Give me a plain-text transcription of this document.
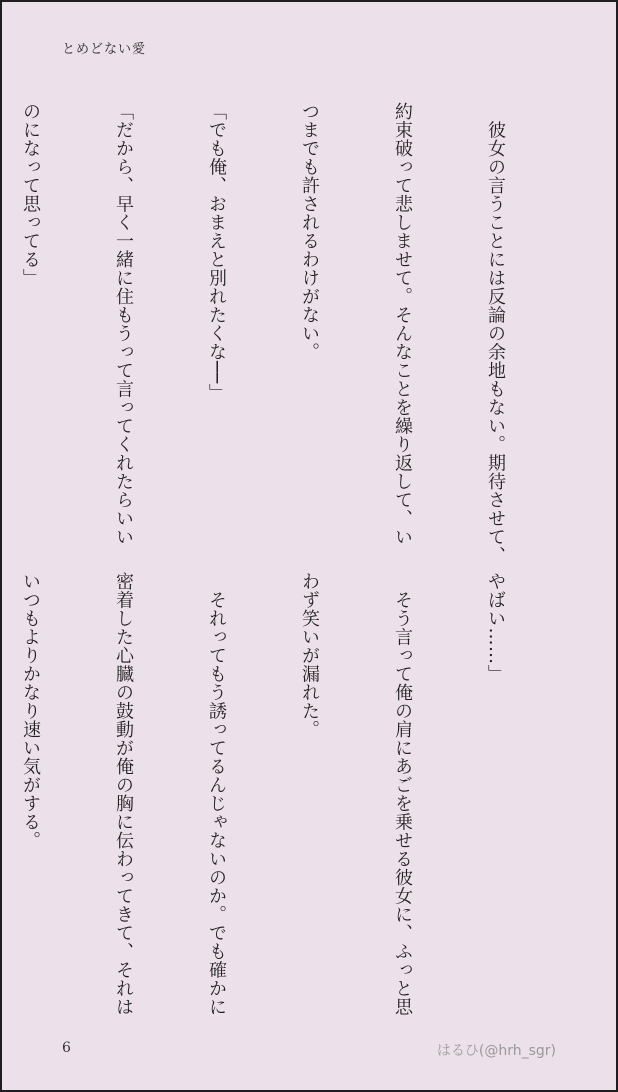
とめどない愛

　彼女の言うことには反論の余地もない。期待させて、

約束破って悲しませて。そんなことを繰り返して、い

つまでも許されるわけがない。

「でも俺、おまえと別れたくな──」

「だから、早く一緒に住もうって言ってくれたらいい

のになって思ってる」

やばい……」

　そう言って俺の肩にあごを乗せる彼女に、ふっと思

わず笑いが漏れた。

　それってもう誘ってるんじゃないのか。でも確かに

密着した心臓の鼓動が俺の胸に伝わってきて、それは

いつもよりかなり速い気がする。

6	はるひ(@hrh_sgr)
